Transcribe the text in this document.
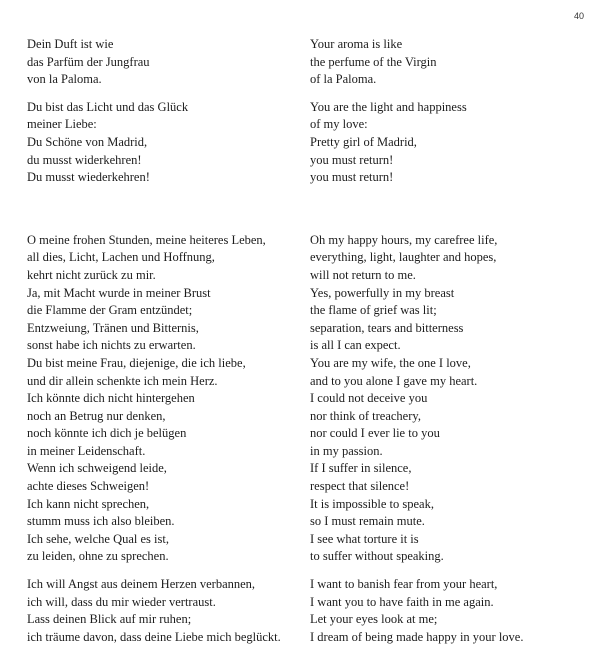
40
Dein Duft ist wie
das Parfüm der Jungfrau
von la Paloma.
Du bist das Licht und das Glück
meiner Liebe:
Du Schöne von Madrid,
du musst widerkehren!
Du musst wiederkehren!
O meine frohen Stunden, meine heiteres Leben,
all dies, Licht, Lachen und Hoffnung,
kehrt nicht zurück zu mir.
Ja, mit Macht wurde in meiner Brust
die Flamme der Gram entzündet;
Entzweiung, Tränen und Bitternis,
sonst habe ich nichts zu erwarten.
Du bist meine Frau, diejenige, die ich liebe,
und dir allein schenkte ich mein Herz.
Ich könnte dich nicht hintergehen
noch an Betrug nur denken,
noch könnte ich dich je belügen
in meiner Leidenschaft.
Wenn ich schweigend leide,
achte dieses Schweigen!
Ich kann nicht sprechen,
stumm muss ich also bleiben.
Ich sehe, welche Qual es ist,
zu leiden, ohne zu sprechen.
Ich will Angst aus deinem Herzen verbannen,
ich will, dass du mir wieder vertraust.
Lass deinen Blick auf mir ruhen;
ich träume davon, dass deine Liebe mich beglückt.
Your aroma is like
the perfume of the Virgin
of la Paloma.
You are the light and happiness
of my love:
Pretty girl of Madrid,
you must return!
you must return!
Oh my happy hours, my carefree life,
everything, light, laughter and hopes,
will not return to me.
Yes, powerfully in my breast
the flame of grief was lit;
separation, tears and bitterness
is all I can expect.
You are my wife, the one I love,
and to you alone I gave my heart.
I could not deceive you
nor think of treachery,
nor could I ever lie to you
in my passion.
If I suffer in silence,
respect that silence!
It is impossible to speak,
so I must remain mute.
I see what torture it is
to suffer without speaking.
I want to banish fear from your heart,
I want you to have faith in me again.
Let your eyes look at me;
I dream of being made happy in your love.
